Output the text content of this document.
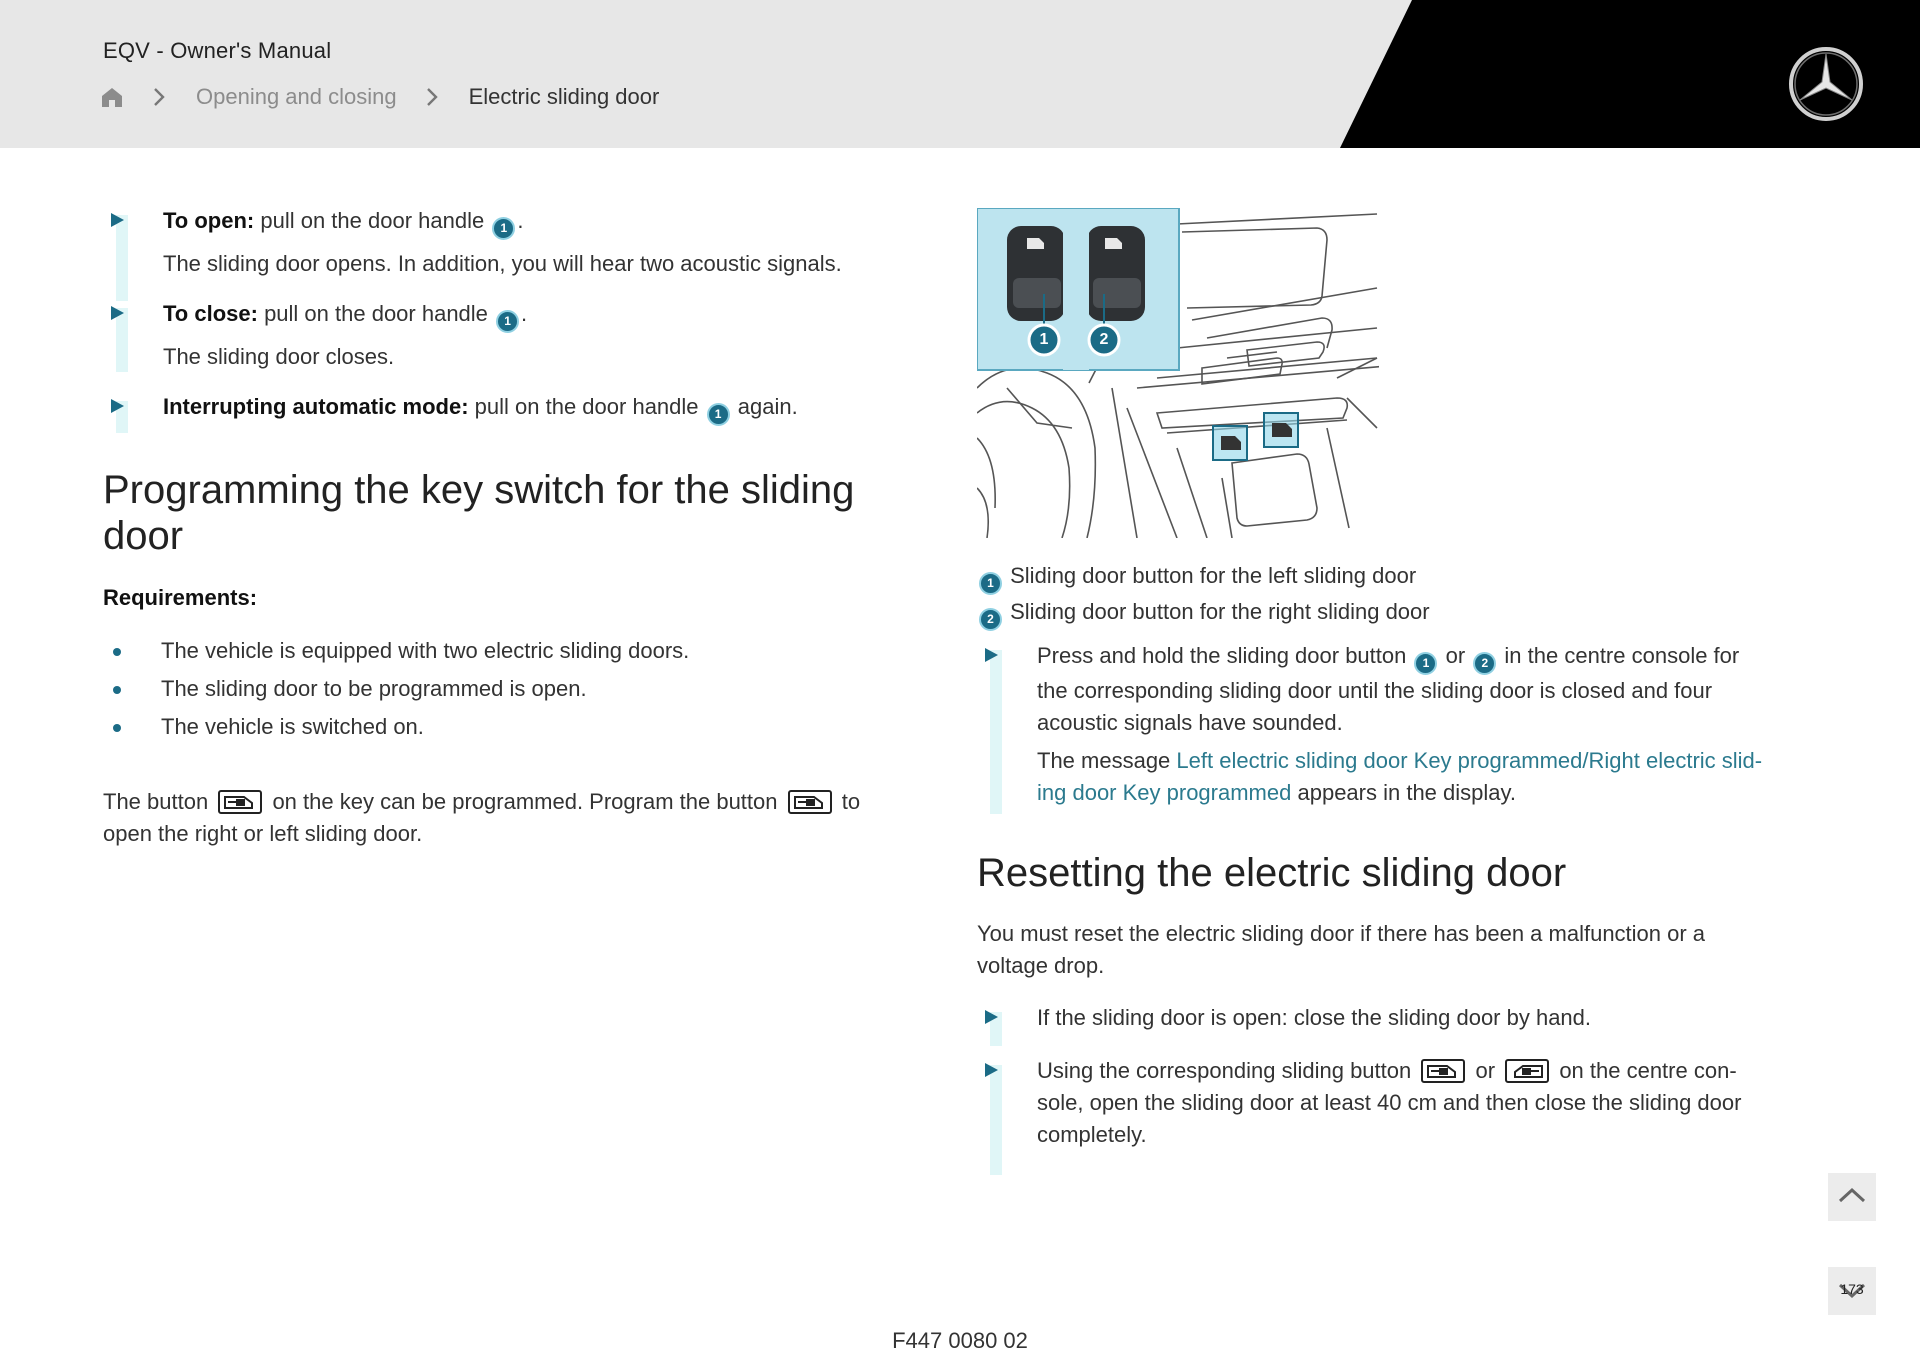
EQV - Owner's Manual
Opening and closing	Electric sliding door
To open: pull on the door handle 1 .
The sliding door opens. In addition, you will hear two acoustic signals.
To close: pull on the door handle 1 .
The sliding door closes.
Interrupting automatic mode: pull on the door handle 1 again.
Programming the key switch for the sliding door
Requirements:
The vehicle is equipped with two electric sliding doors.
The sliding door to be programmed is open.
The vehicle is switched on.
The button	on the key can be programmed. Program the button	to
open the right or left sliding door.
1	2
1 Sliding door button for the left sliding door
2 Sliding door button for the right sliding door
Press and hold the sliding door button 1 or 2 in the centre console for
the corresponding sliding door until the sliding door is closed and four
acoustic signals have sounded.
The message Left electric sliding door Key programmed/Right electric slid-
ing door Key programmed appears in the display.
Resetting the electric sliding door
You must reset the electric sliding door if there has been a malfunction or a
voltage drop.
If the sliding door is open: close the sliding door by hand.
Using the corresponding sliding button	or	on the centre con-
sole, open the sliding door at least 40 cm and then close the sliding door
completely.
173
F447 0080 02
